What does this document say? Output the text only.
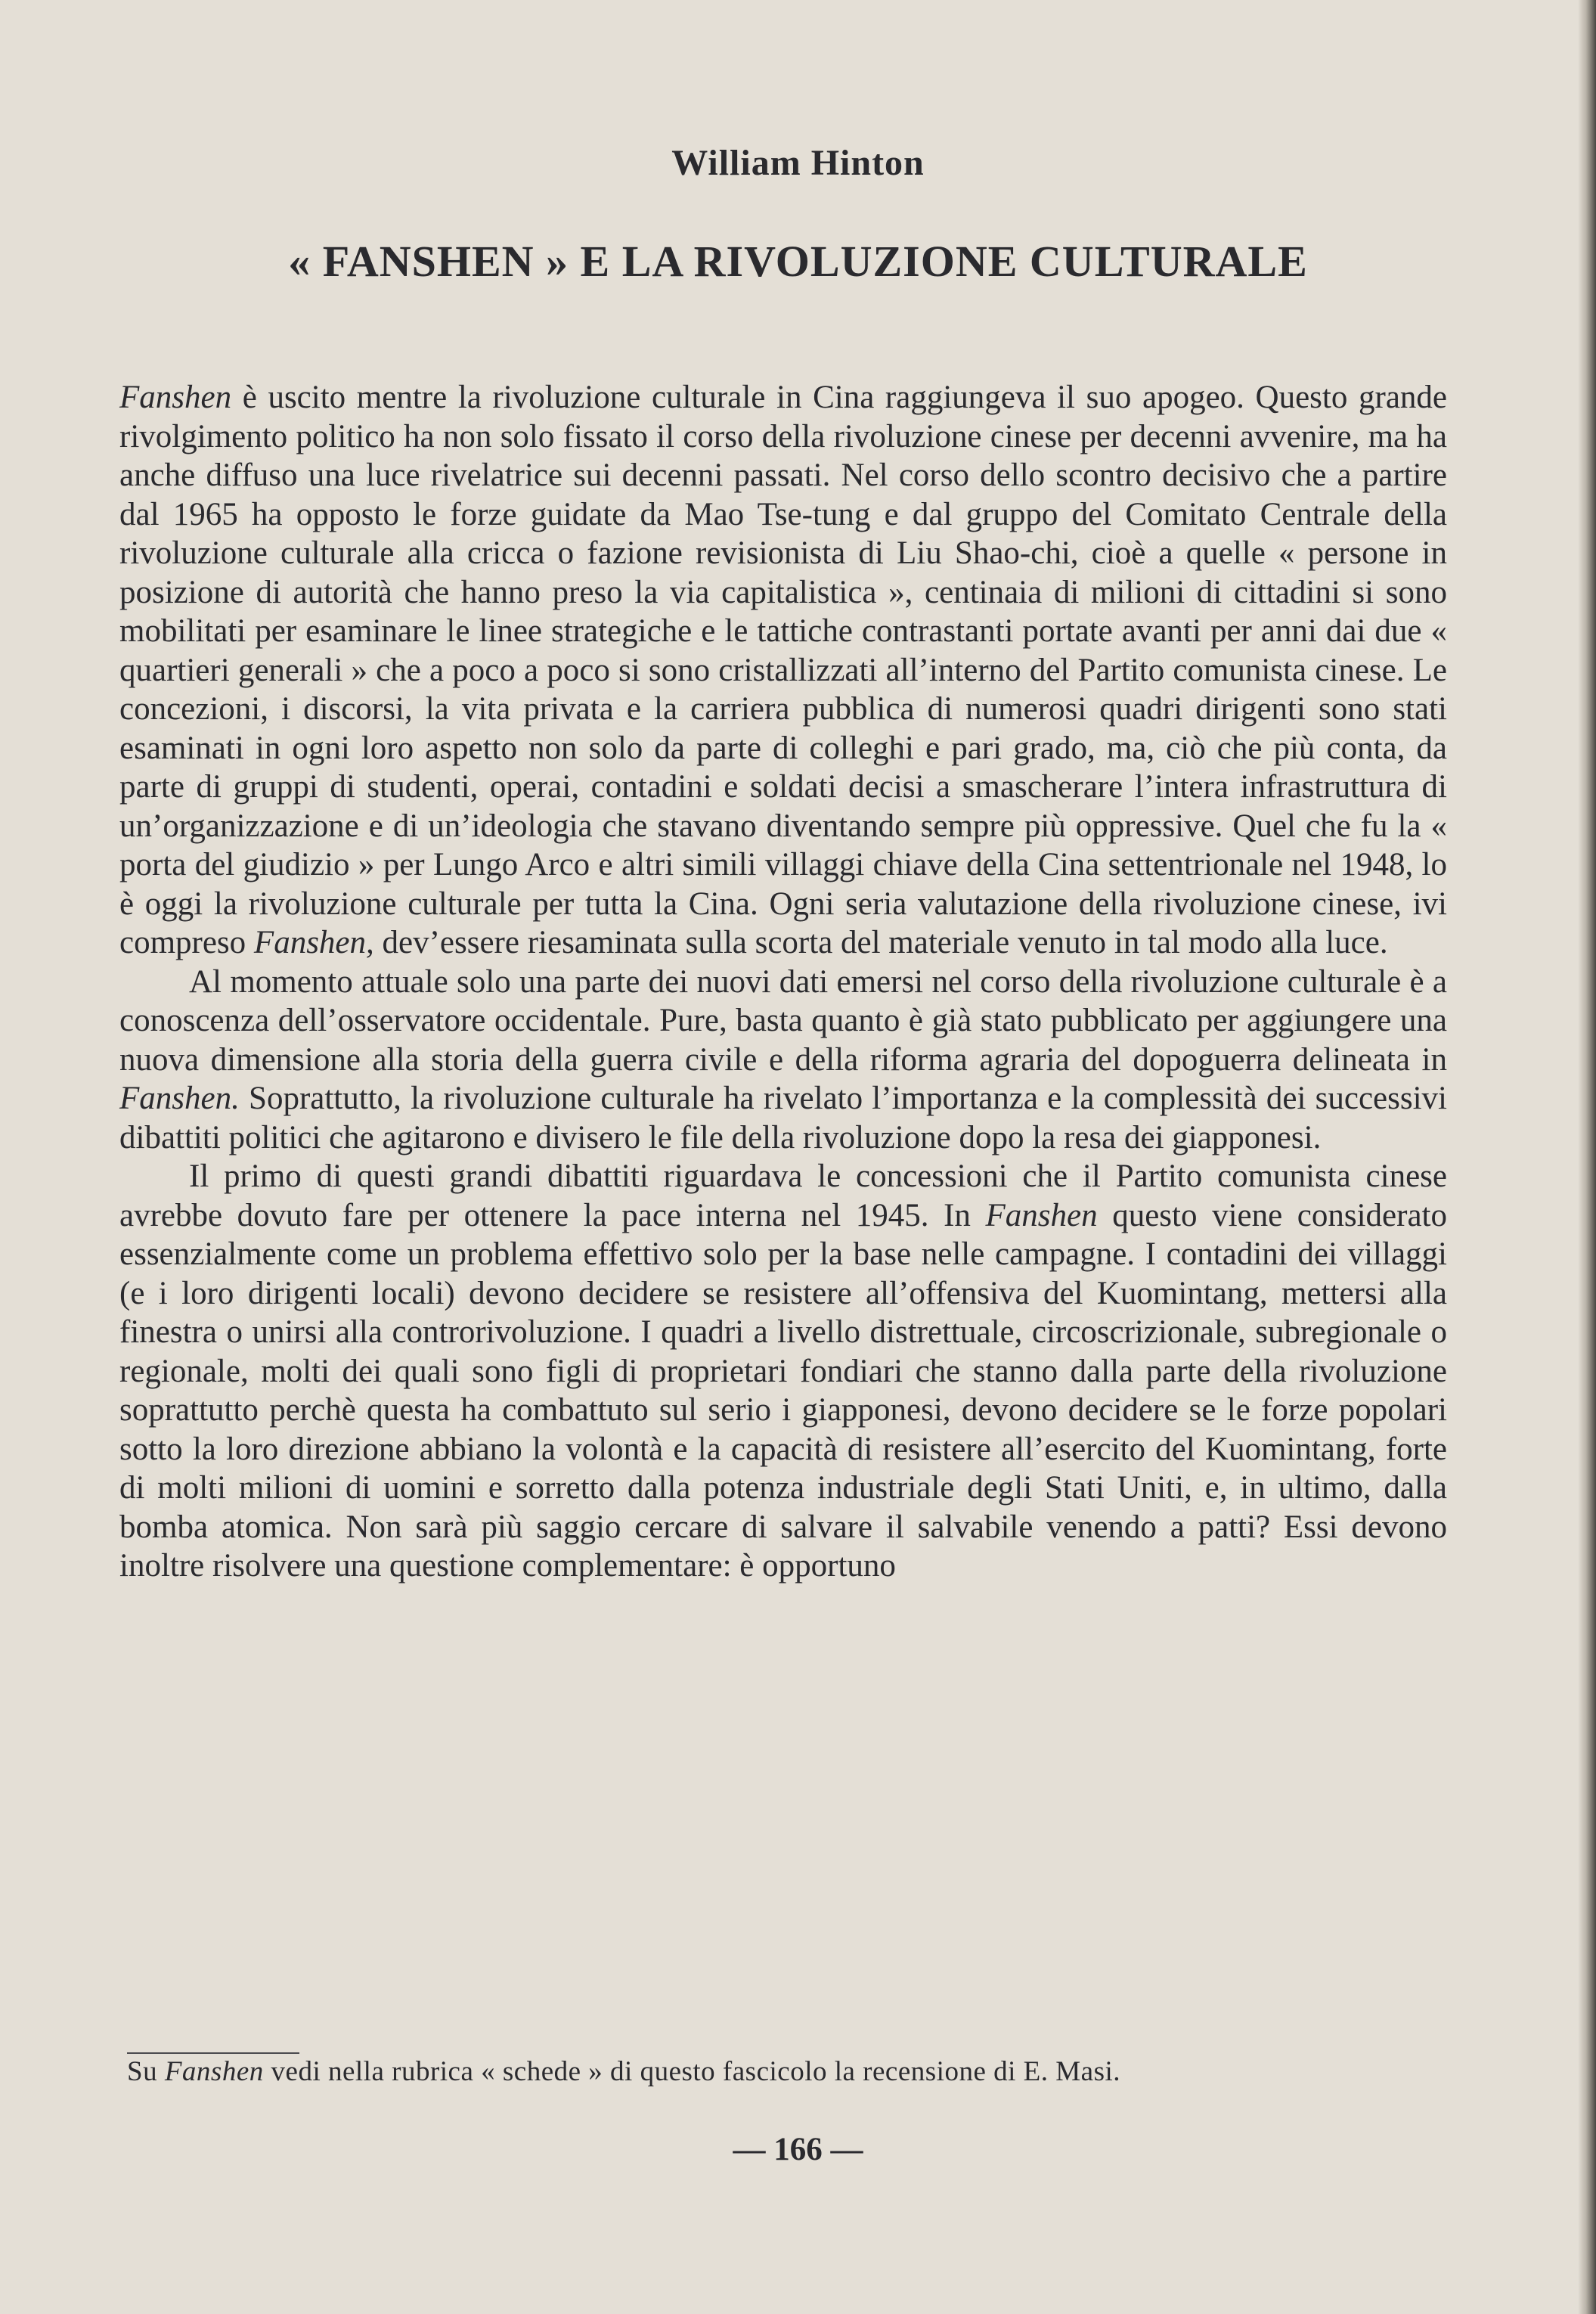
William Hinton
« FANSHEN » E LA RIVOLUZIONE CULTURALE

Fanshen è uscito mentre la rivoluzione culturale in Cina raggiungeva il suo apogeo. Questo grande rivolgimento politico ha non solo fissato il corso della rivoluzione cinese per decenni avvenire, ma ha anche diffuso una luce rivelatrice sui decenni passati. Nel corso dello scontro decisivo che a partire dal 1965 ha opposto le forze guidate da Mao Tse-tung e dal gruppo del Comitato Centrale della rivoluzione culturale alla cricca o fazione revisionista di Liu Shao-chi, cioè a quelle « persone in posizione di autorità che hanno preso la via capitalistica », centinaia di milioni di cittadini si sono mobilitati per esaminare le linee strategiche e le tattiche contrastanti portate avanti per anni dai due « quartieri generali » che a poco a poco si sono cristallizzati all’interno del Partito comunista cinese. Le concezioni, i discorsi, la vita privata e la carriera pubblica di numerosi quadri dirigenti sono stati esaminati in ogni loro aspetto non solo da parte di colleghi e pari grado, ma, ciò che più conta, da parte di gruppi di studenti, operai, contadini e soldati decisi a smascherare l’intera infrastruttura di un’organizzazione e di un’ideologia che stavano diventando sempre più oppressive. Quel che fu la « porta del giudizio » per Lungo Arco e altri simili villaggi chiave della Cina settentrionale nel 1948, lo è oggi la rivoluzione culturale per tutta la Cina. Ogni seria valutazione della rivoluzione cinese, ivi compreso Fanshen, dev’essere riesaminata sulla scorta del materiale venuto in tal modo alla luce.

Al momento attuale solo una parte dei nuovi dati emersi nel corso della rivoluzione culturale è a conoscenza dell’osservatore occidentale. Pure, basta quanto è già stato pubblicato per aggiungere una nuova dimensione alla storia della guerra civile e della riforma agraria del dopoguerra delineata in Fanshen. Soprattutto, la rivoluzione culturale ha rivelato l’importanza e la complessità dei successivi dibattiti politici che agitarono e divisero le file della rivoluzione dopo la resa dei giapponesi.

Il primo di questi grandi dibattiti riguardava le concessioni che il Partito comunista cinese avrebbe dovuto fare per ottenere la pace interna nel 1945. In Fanshen questo viene considerato essenzialmente come un problema effettivo solo per la base nelle campagne. I contadini dei villaggi (e i loro dirigenti locali) devono decidere se resistere all’offensiva del Kuomintang, mettersi alla finestra o unirsi alla controrivoluzione. I quadri a livello distrettuale, circoscrizionale, subregionale o regionale, molti dei quali sono figli di proprietari fondiari che stanno dalla parte della rivoluzione soprattutto perchè questa ha combattuto sul serio i giapponesi, devono decidere se le forze popolari sotto la loro direzione abbiano la volontà e la capacità di resistere all’esercito del Kuomintang, forte di molti milioni di uomini e sorretto dalla potenza industriale degli Stati Uniti, e, in ultimo, dalla bomba atomica. Non sarà più saggio cercare di salvare il salvabile venendo a patti? Essi devono inoltre risolvere una questione complementare: è opportuno

Su Fanshen vedi nella rubrica « schede » di questo fascicolo la recensione di E. Masi.
— 166 —
